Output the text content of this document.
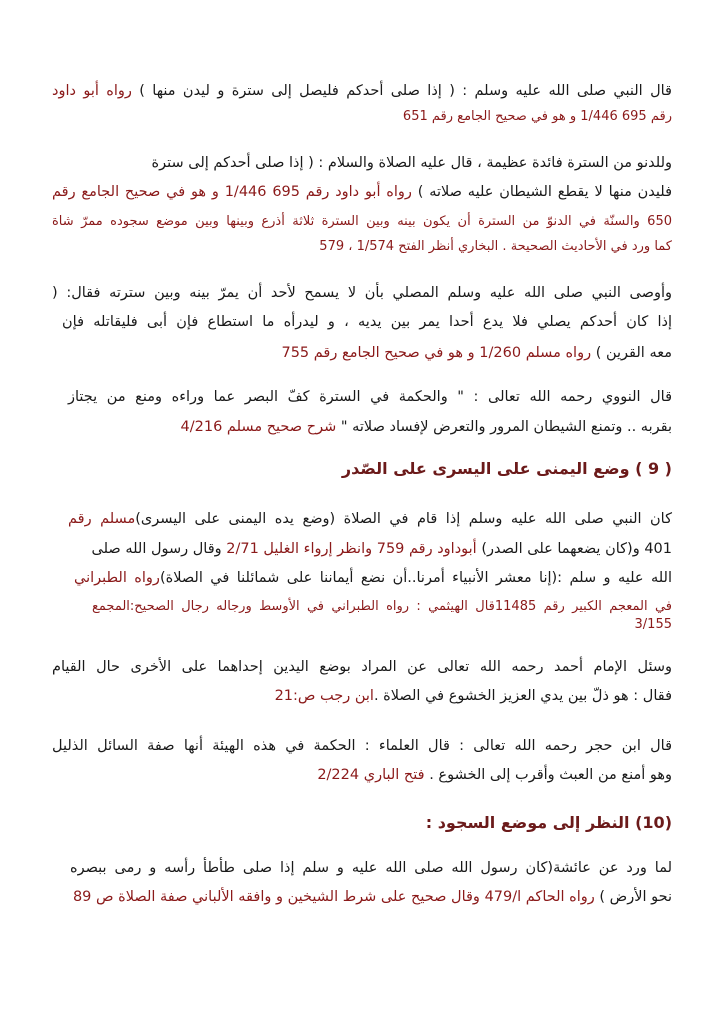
قال النبي صلى الله عليه وسلم : ( إذا صلى أحدكم فليصل إلى سترة و ليدن منها ) رواه أبو داود
رقم 695 1/446 و هو في صحيح الجامع رقم 651
وللدنو من السترة فائدة عظيمة ، قال عليه الصلاة والسلام : ( إذا صلى أحدكم إلى سترة
فليدن منها لا يقطع الشيطان عليه صلاته ) رواه أبو داود رقم 695 1/446 و هو في صحيح الجامع رقم
650 والسنّة في الدنوّ من السترة أن يكون بينه وبين السترة ثلاثة أذرع وبينها وبين موضع سجوده ممرّ شاة
كما ورد في الأحاديث الصحيحة . البخاري أنظر الفتح 1/574 ، 579
وأوصى النبي صلى الله عليه وسلم المصلي بأن لا يسمح لأحد أن يمرّ بينه وبين سترته فقال: (
إذا كان أحدكم يصلي فلا يدع أحدا يمر بين يديه ، و ليدرأه ما استطاع فإن أبى فليقاتله فإن
معه القرين ) رواه مسلم 1/260 و هو في صحيح الجامع رقم 755
قال النووي رحمه الله تعالى : " والحكمة في السترة كفّ البصر عما وراءه ومنع من يجتاز
بقربه .. وتمنع الشيطان المرور والتعرض لإفساد صلاته " شرح صحيح مسلم 4/216
( 9 ) وضع اليمنى على اليسرى على الصّدر
كان النبي صلى الله عليه وسلم إذا قام في الصلاة (وضع يده اليمنى على اليسرى)مسلم رقم
401 و(كان يضعهما على الصدر) أبوداود رقم 759 وانظر إرواء الغليل 2/71 وقال رسول الله صلى
الله عليه و سلم :(إنا معشر الأنبياء أمرنا..أن نضع أيماننا على شمائلنا في الصلاة)رواه الطبراني
في المعجم الكبير رقم 11485قال الهيثمي : رواه الطبراني في الأوسط ورجاله رجال الصحيح:المجمع
3/155
وسئل الإمام أحمد رحمه الله تعالى عن المراد بوضع اليدين إحداهما على الأخرى حال القيام
فقال : هو ذلّ بين يدي العزيز الخشوع في الصلاة .ابن رجب ص:21
قال ابن حجر رحمه الله تعالى : قال العلماء : الحكمة في هذه الهيئة أنها صفة السائل الذليل
وهو أمنع من العبث وأقرب إلى الخشوع . فتح الباري 2/224
(10) النظر إلى موضع السجود :
لما ورد عن عائشة(كان رسول الله صلى الله عليه و سلم إذا صلى طأطأ رأسه و رمى ببصره
نحو الأرض ) رواه الحاكم ا/479 وقال صحيح على شرط الشيخين و وافقه الألباني صفة الصلاة ص 89
